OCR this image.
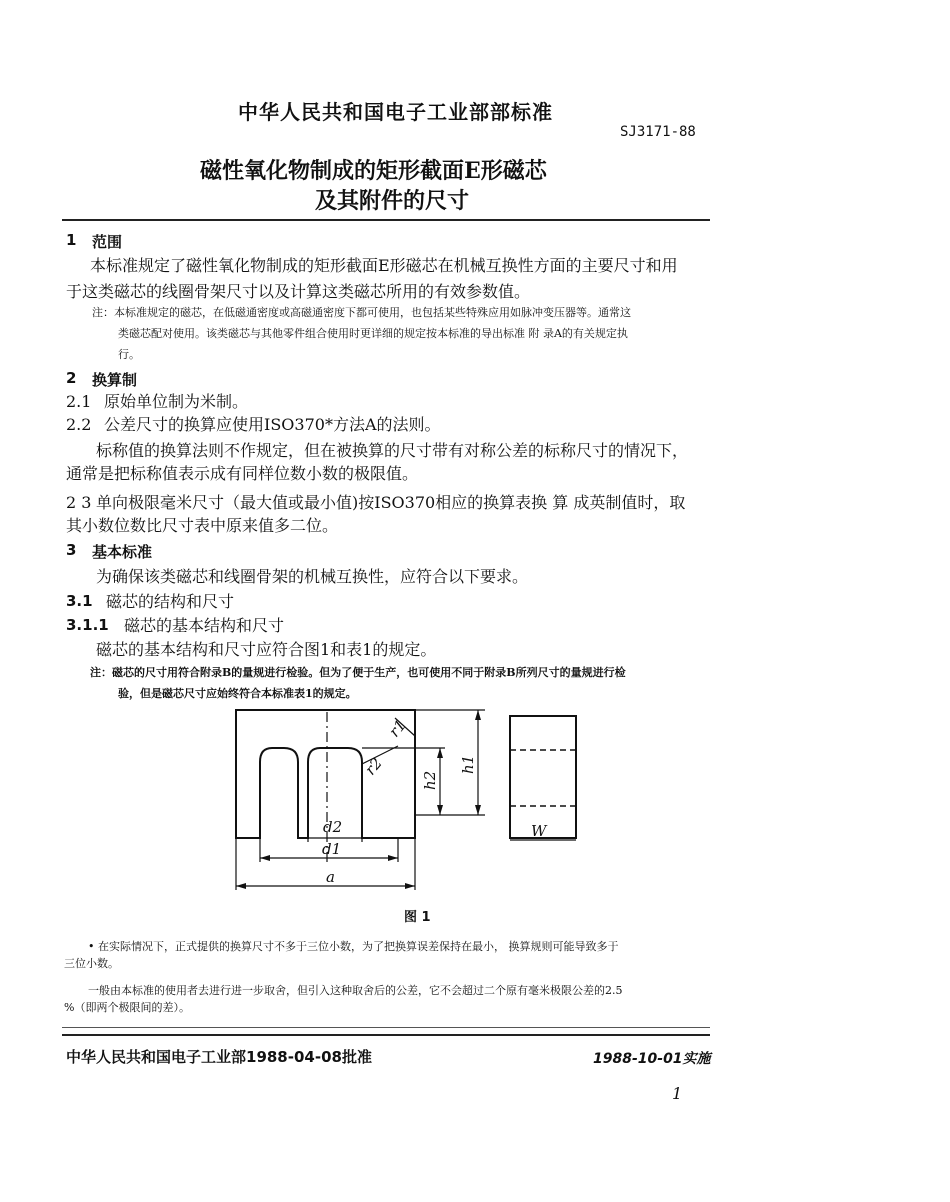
中华人民共和国电子工业部部标准
SJ3171-88
磁性氧化物制成的矩形截面E形磁芯
及其附件的尺寸
1 范围
本标准规定了磁性氧化物制成的矩形截面E形磁芯在机械互换性方面的主要尺寸和用
于这类磁芯的线圈骨架尺寸以及计算这类磁芯所用的有效参数值。
注：本标准规定的磁芯，在低磁通密度或高磁通密度下都可使用，也包括某些特殊应用如脉冲变压器等。通常这
类磁芯配对使用。该类磁芯与其他零件组合使用时更详细的规定按本标准的导出标准 附 录A的有关规定执
行。
2 换算制
2.1 原始单位制为米制。
2.2 公差尺寸的换算应使用ISO370*方法A的法则。
标称值的换算法则不作规定，但在被换算的尺寸带有对称公差的标称尺寸的情况下，
通常是把标称值表示成有同样位数小数的极限值。
2 3 单向极限毫米尺寸（最大值或最小值)按ISO370相应的换算表换 算 成英制值时，取
其小数位数比尺寸表中原来值多二位。
3 基本标准
为确保该类磁芯和线圈骨架的机械互换性，应符合以下要求。
3.1 磁芯的结构和尺寸
3.1.1 磁芯的基本结构和尺寸
磁芯的基本结构和尺寸应符合图1和表1的规定。
注：磁芯的尺寸用符合附录B的量规进行检验。但为了便于生产，也可使用不同于附录B所列尺寸的量规进行检
验，但是磁芯尺寸应始终符合本标准表1的规定。
r1
r2	h1
h2
d2
d1
a
W
图 1
• 在实际情况下，正式提供的换算尺寸不多于三位小数，为了把换算误差保持在最小， 换算规则可能导致多于
三位小数。
一般由本标准的使用者去进行进一步取舍，但引入这种取舍后的公差，它不会超过二个原有毫米极限公差的2.5
%（即两个极限间的差）。
中华人民共和国电子工业部1988-04-08批准	1988-10-01实施
1
